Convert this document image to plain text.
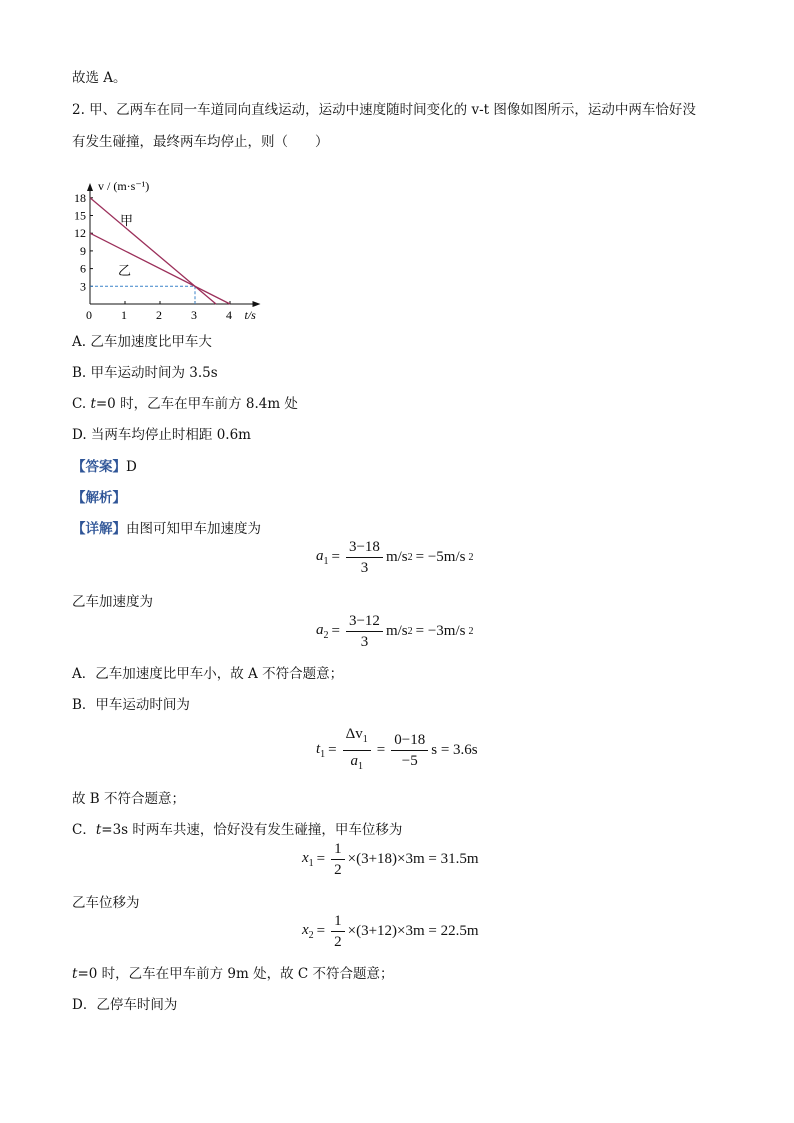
故选 A。
2. 甲、乙两车在同一车道同向直线运动，运动中速度随时间变化的 v-t 图像如图所示，运动中两车恰好没
有发生碰撞，最终两车均停止，则（　　）
v / (m·s⁻¹)
t/s
0 1 2 3 4
3
6
9
12
15
18
甲
乙
A. 乙车加速度比甲车大
B. 甲车运动时间为 3.5s
C. t=0 时，乙车在甲车前方 8.4m 处
D. 当两车均停止时相距 0.6m
【答案】D
【解析】
【详解】由图可知甲车加速度为
$a_1 = \frac{3-18}{3} m/s$ 2 = −5m/s 2
乙车加速度为
$a_2 = \frac{3-12}{3} m/s$ 2 = −3m/s 2
A．乙车加速度比甲车小，故 A 不符合题意；
B．甲车运动时间为
$t_1 = \frac{\Delta v_1}{a_1} = \frac{0-18}{-5}$ s = 3.6s
故 B 不符合题意；
C．t=3s 时两车共速，恰好没有发生碰撞，甲车位移为
$x_1 = \frac{1}{2} \times(3+18)\times 3m = 31.5m$
乙车位移为
$x_2 = \frac{1}{2} \times(3+12)\times 3m = 22.5m$
t=0 时，乙车在甲车前方 9m 处，故 C 不符合题意；
D．乙停车时间为
